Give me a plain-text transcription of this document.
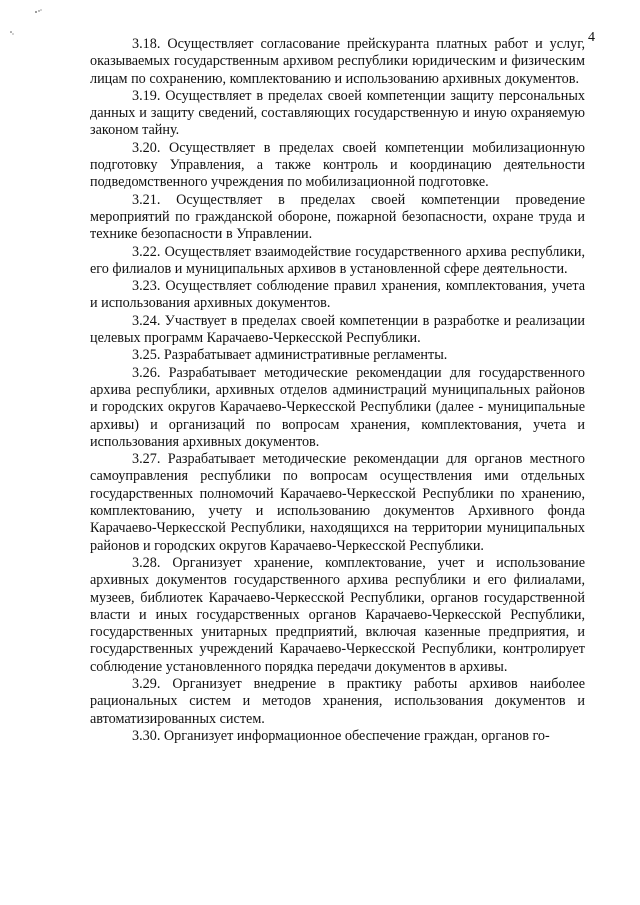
4

3.18. Осуществляет согласование прейскуранта платных работ и услуг, оказываемых государственным архивом республики юридическим и физическим лицам по сохранению, комплектованию и использованию архивных документов.

3.19. Осуществляет в пределах своей компетенции защиту персональных данных и защиту сведений, составляющих государственную и иную охраняемую законом тайну.

3.20. Осуществляет в пределах своей компетенции мобилизационную подготовку Управления, а также контроль и координацию деятельности подведомственного учреждения по мобилизационной подготовке.

3.21. Осуществляет в пределах своей компетенции проведение мероприятий по гражданской обороне, пожарной безопасности, охране труда и технике безопасности в Управлении.

3.22. Осуществляет взаимодействие государственного архива республики, его филиалов и муниципальных архивов в установленной сфере деятельности.

3.23. Осуществляет соблюдение правил хранения, комплектования, учета и использования архивных документов.

3.24. Участвует в пределах своей компетенции в разработке и реализации целевых программ Карачаево-Черкесской Республики.

3.25. Разрабатывает административные регламенты.

3.26. Разрабатывает методические рекомендации для государственного архива республики, архивных отделов администраций муниципальных районов и городских округов Карачаево-Черкесской Республики (далее - муниципальные архивы) и организаций по вопросам хранения, комплектования, учета и использования архивных документов.

3.27. Разрабатывает методические рекомендации для органов местного самоуправления республики по вопросам осуществления ими отдельных государственных полномочий Карачаево-Черкесской Республики по хранению, комплектованию, учету и использованию документов Архивного фонда Карачаево-Черкесской Республики, находящихся на территории муниципальных районов и городских округов Карачаево-Черкесской Республики.

3.28. Организует хранение, комплектование, учет и использование архивных документов государственного архива республики и его филиалами, музеев, библиотек Карачаево-Черкесской Республики, органов государственной власти и иных государственных органов Карачаево-Черкесской Республики, государственных унитарных предприятий, включая казенные предприятия, и государственных учреждений Карачаево-Черкесской Республики, контролирует соблюдение установленного порядка передачи документов в архивы.

3.29. Организует внедрение в практику работы архивов наиболее рациональных систем и методов хранения, использования документов и автоматизированных систем.

3.30. Организует информационное обеспечение граждан, органов го-
